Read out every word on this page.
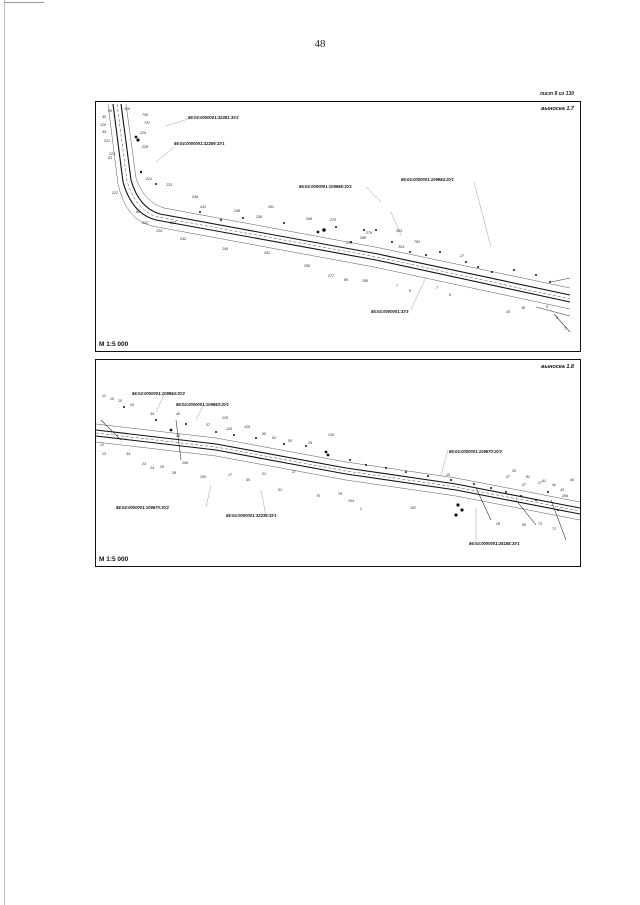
48
лист 8 из 130
55	316
45	736
126	737
46	229
221
228
222
53
221
233
246
241
222
248
256
82
233
261
232
234
266	270
242
276
249
303
288
252
304
273	783
258
27
277
85	290
7
8
7
8
20
18	5
6
7
86:04:0000001:32281:ЗУ2
86:04:0000001:32259:ЗУ1
86:04:0000001:109986:ЗУ1
86:04:0000001:109984:ЗУ1
86:04:0000001:ЗУ3
выноска 1.7
М 1:5 000
12
10 25
26
34	40
125
37
126	129
50
52
55	26
130
38
12
13	34
23
24 25
28
106
105	17
40
21
51
27
70	76
104
1	102
15
30
37	82
37	27 41
42
43
266
46
28	50	73
71
86:04:0000001:109984:ЗУ2
86:04:0000001:109983:ЗУ1
86:04:0000001:109670:ЗУ2
86:04:0000001:109670:ЗУ2
86:04:0000001:32239:ЗУ1
86:04:0000001:25158:ЗУ1
выноска 1.8
М 1:5 000
